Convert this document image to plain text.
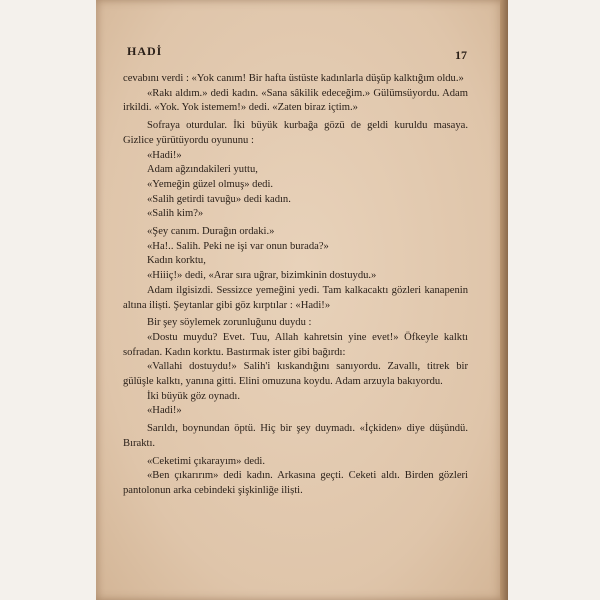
HADİ	17

cevabını verdi : «Yok canım! Bir hafta üstüste kadınlarla düşüp kalktığım oldu.»

«Rakı aldım.» dedi kadın. «Sana sâkilik edeceğim.» Gülümsüyordu. Adam irkildi. «Yok. Yok istemem!» dedi. «Zaten biraz içtim.»

Sofraya oturdular. İki büyük kurbağa gözü de geldi kuruldu masaya. Gizlice yürütüyordu oyununu :

«Hadi!»

Adam ağzındakileri yuttu,

«Yemeğin güzel olmuş» dedi.

«Salih getirdi tavuğu» dedi kadın.

«Salih kim?»

«Şey canım. Durağın ordaki.»

«Ha!.. Salih. Peki ne işi var onun burada?»

Kadın korktu,

«Hiiiç!» dedi, «Arar sıra uğrar, bizimkinin dostuydu.»

Adam ilgisizdi. Sessizce yemeğini yedi. Tam kalkacaktı gözleri kanapenin altına iliști. Şeytanlar gibi göz kırptılar : «Hadi!»

Bir şey söylemek zorunluğunu duydu :

«Dostu muydu? Evet. Tuu, Allah kahretsin yine evet!» Öfkeyle kalktı sofradan. Kadın korktu. Bastırmak ister gibi bağırdı:

«Vallahi dostuydu!» Salih'i kıskandığını sanıyordu. Zavallı, titrek bir gülüşle kalktı, yanına gitti. Elini omuzuna koydu. Adam arzuyla bakıyordu.

İki büyük göz oynadı.

«Hadi!»

Sarıldı, boynundan öptü. Hiç bir şey duymadı. «İçkiden» diye düşündü. Bıraktı.

«Ceketimi çıkarayım» dedi.

«Ben çıkarırım» dedi kadın. Arkasına geçti. Ceketi aldı. Birden gözleri pantolonun arka cebindeki şişkinliğe iliști.
